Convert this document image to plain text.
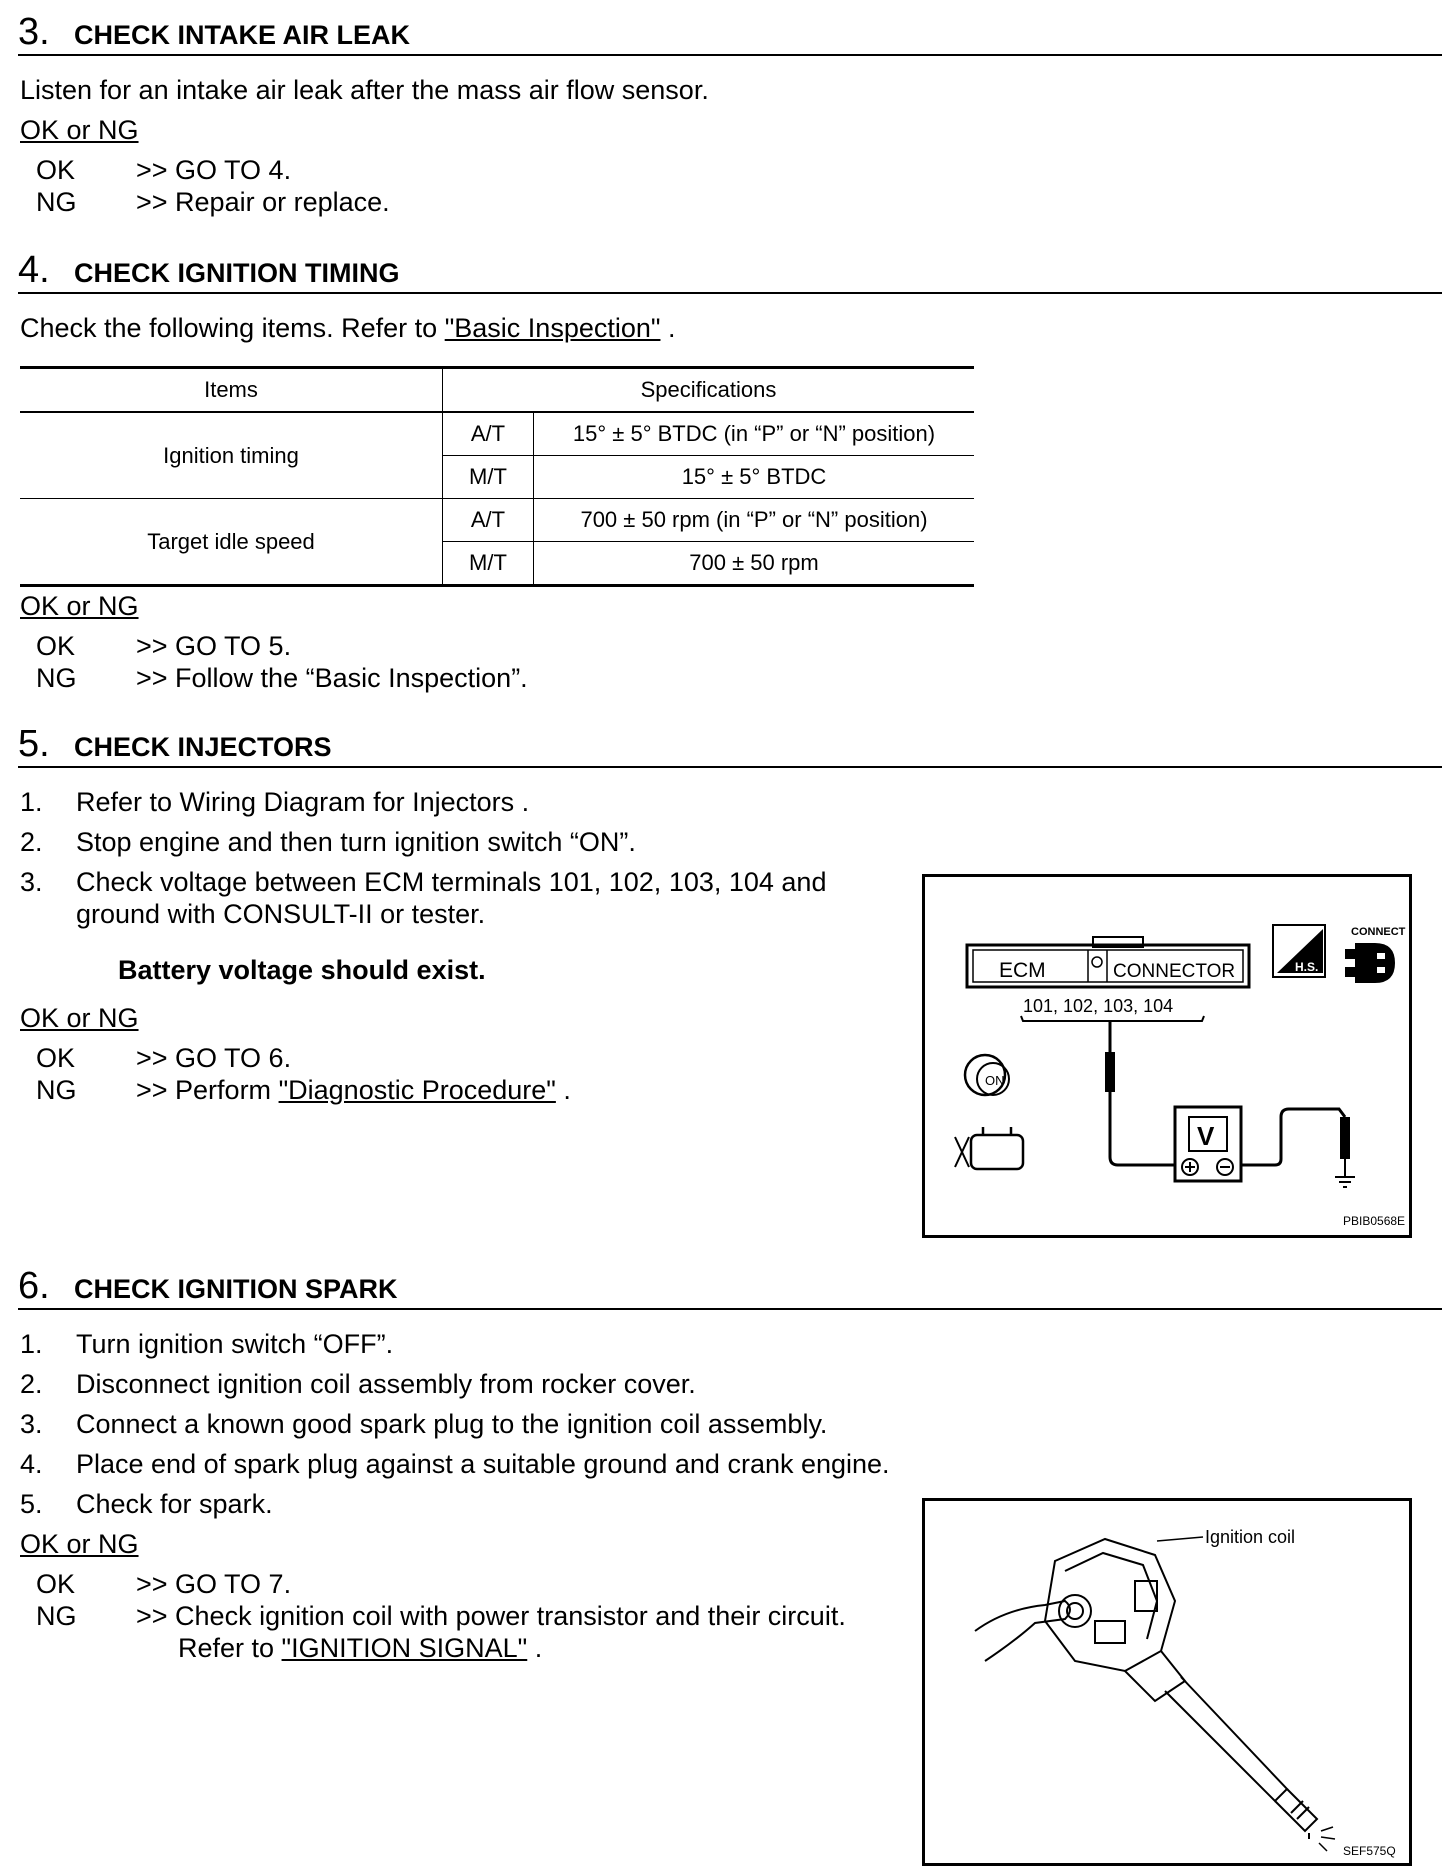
3. CHECK INTAKE AIR LEAK
Listen for an intake air leak after the mass air flow sensor.
OK or NG
OK >> GO TO 4.
NG >> Repair or replace.
4. CHECK IGNITION TIMING
Check the following items. Refer to "Basic Inspection" .
Items	Specifications	
Ignition timing	A/T	15° ± 5° BTDC (in “P” or “N” position)
	M/T	15° ± 5° BTDC
Target idle speed	A/T	700 ± 50 rpm (in “P” or “N” position)
	M/T	700 ± 50 rpm
OK or NG
OK >> GO TO 5.
NG >> Follow the “Basic Inspection”.
5. CHECK INJECTORS
1. Refer to Wiring Diagram for Injectors .
2. Stop engine and then turn ignition switch “ON”.
3. Check voltage between ECM terminals 101, 102, 103, 104 and
ground with CONSULT-II or tester.
Battery voltage should exist.
OK or NG
OK >> GO TO 6.
NG >> Perform "Diagnostic Procedure" .
ECM	CONNECTOR
101, 102, 103, 104
V
ON
H.S.
CONNECT
PBIB0568E
6. CHECK IGNITION SPARK
1. Turn ignition switch “OFF”.
2. Disconnect ignition coil assembly from rocker cover.
3. Connect a known good spark plug to the ignition coil assembly.
4. Place end of spark plug against a suitable ground and crank engine.
5. Check for spark.
OK or NG
OK >> GO TO 7.
NG >> Check ignition coil with power transistor and their circuit.
Refer to "IGNITION SIGNAL" .
Ignition coil
SEF575Q
